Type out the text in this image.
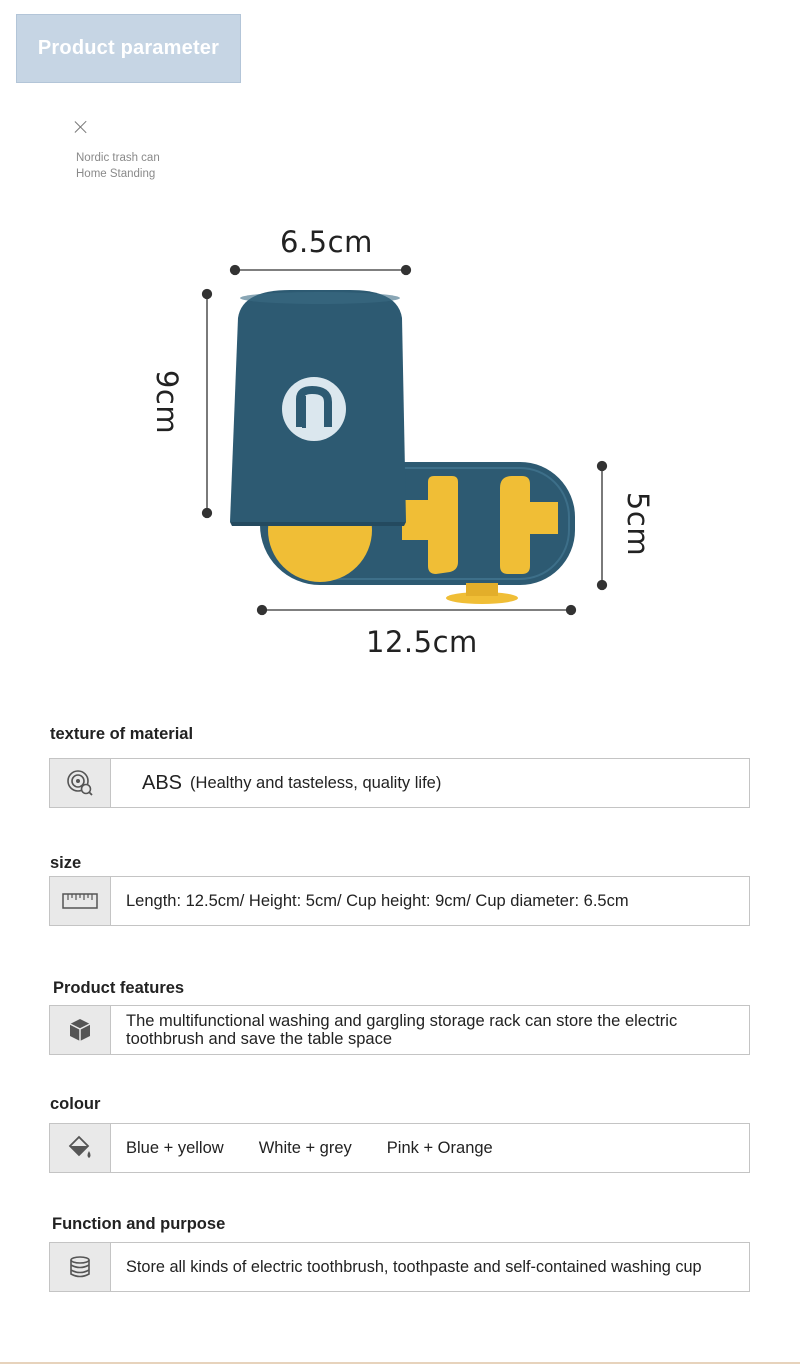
Product parameter
Nordic trash can
Home Standing
6.5cm
9cm
5cm
12.5cm
texture of material
ABS (Healthy and tasteless, quality life)
size
Length: 12.5cm/ Height: 5cm/ Cup height: 9cm/ Cup diameter: 6.5cm
Product features
The multifunctional washing and gargling storage rack can store the electric toothbrush and save the table space
colour
Blue + yellow White + grey Pink + Orange
Function and purpose
Store all kinds of electric toothbrush, toothpaste and self-contained washing cup
